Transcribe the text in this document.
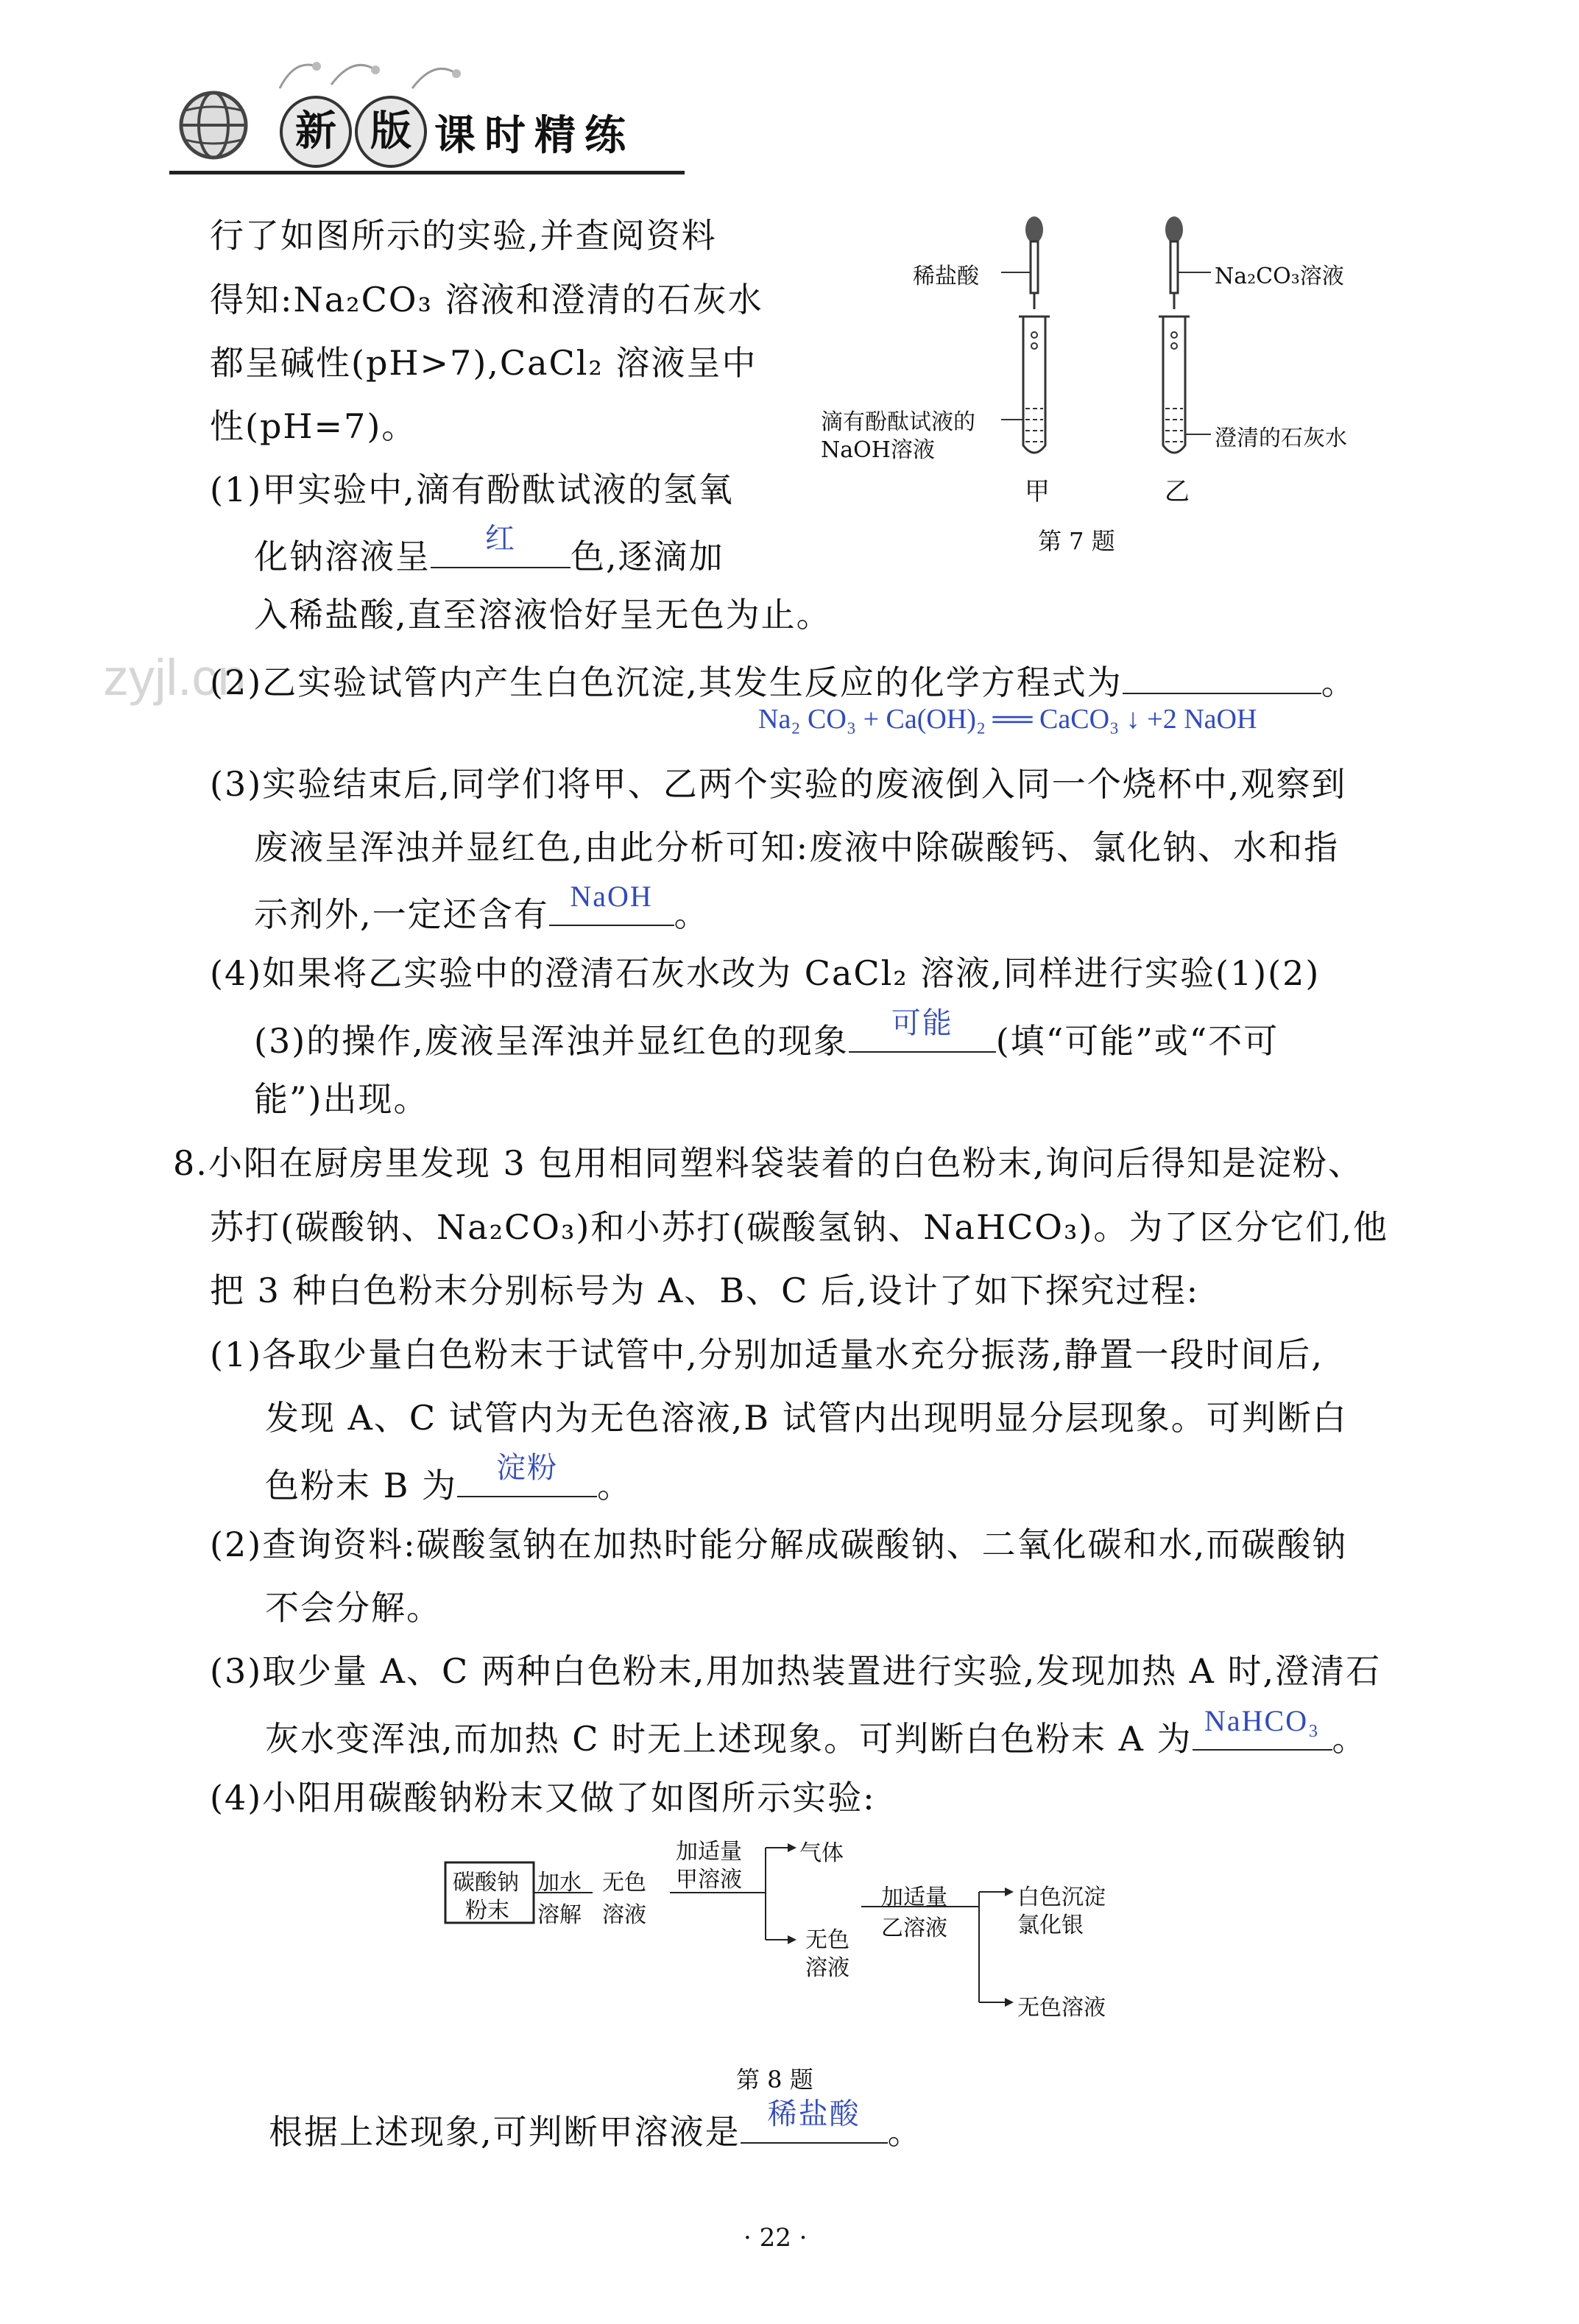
新 版 课时精练
zyjl.cn
行了如图所示的实验,并查阅资料
得知:Na₂CO₃ 溶液和澄清的石灰水
都呈碱性(pH>7),CaCl₂ 溶液呈中
性(pH=7)。
(1)甲实验中,滴有酚酞试液的氢氧
化钠溶液呈	红	色,逐滴加
入稀盐酸,直至溶液恰好呈无色为止。
(2)乙实验试管内产生白色沉淀,其发生反应的化学方程式为	。
Na₂ CO₃ + Ca(OH)₂ ══ CaCO₃ ↓ +2 NaOH
(3)实验结束后,同学们将甲、乙两个实验的废液倒入同一个烧杯中,观察到
废液呈浑浊并显红色,由此分析可知:废液中除碳酸钙、氯化钠、水和指
示剂外,一定还含有 NaOH 。
(4)如果将乙实验中的澄清石灰水改为 CaCl₂ 溶液,同样进行实验(1)(2)
(3)的操作,废液呈浑浊并显红色的现象	可能	(填“可能”或“不可
能”)出现。
稀盐酸	Na₂CO₃溶液
滴有酚酞试液的
NaOH溶液	澄清的石灰水
甲	乙
第 7 题
8.小阳在厨房里发现 3 包用相同塑料袋装着的白色粉末,询问后得知是淀粉、
苏打(碳酸钠、Na₂CO₃)和小苏打(碳酸氢钠、NaHCO₃)。为了区分它们,他
把 3 种白色粉末分别标号为 A、B、C 后,设计了如下探究过程:
(1)各取少量白色粉末于试管中,分别加适量水充分振荡,静置一段时间后,
发现 A、C 试管内为无色溶液,B 试管内出现明显分层现象。可判断白
色粉末 B 为	淀粉	。
(2)查询资料:碳酸氢钠在加热时能分解成碳酸钠、二氧化碳和水,而碳酸钠
不会分解。
(3)取少量 A、C 两种白色粉末,用加热装置进行实验,发现加热 A 时,澄清石
灰水变浑浊,而加热 C 时无上述现象。可判断白色粉末 A 为 NaHCO₃ 。
(4)小阳用碳酸钠粉末又做了如图所示实验:
碳酸钠
粉末
加水
溶解
无色
溶液
加适量
甲溶液
气体
无色
溶液
加适量
乙溶液
白色沉淀
氯化银
无色溶液
第 8 题
根据上述现象,可判断甲溶液是 稀盐酸 。
· 22 ·
